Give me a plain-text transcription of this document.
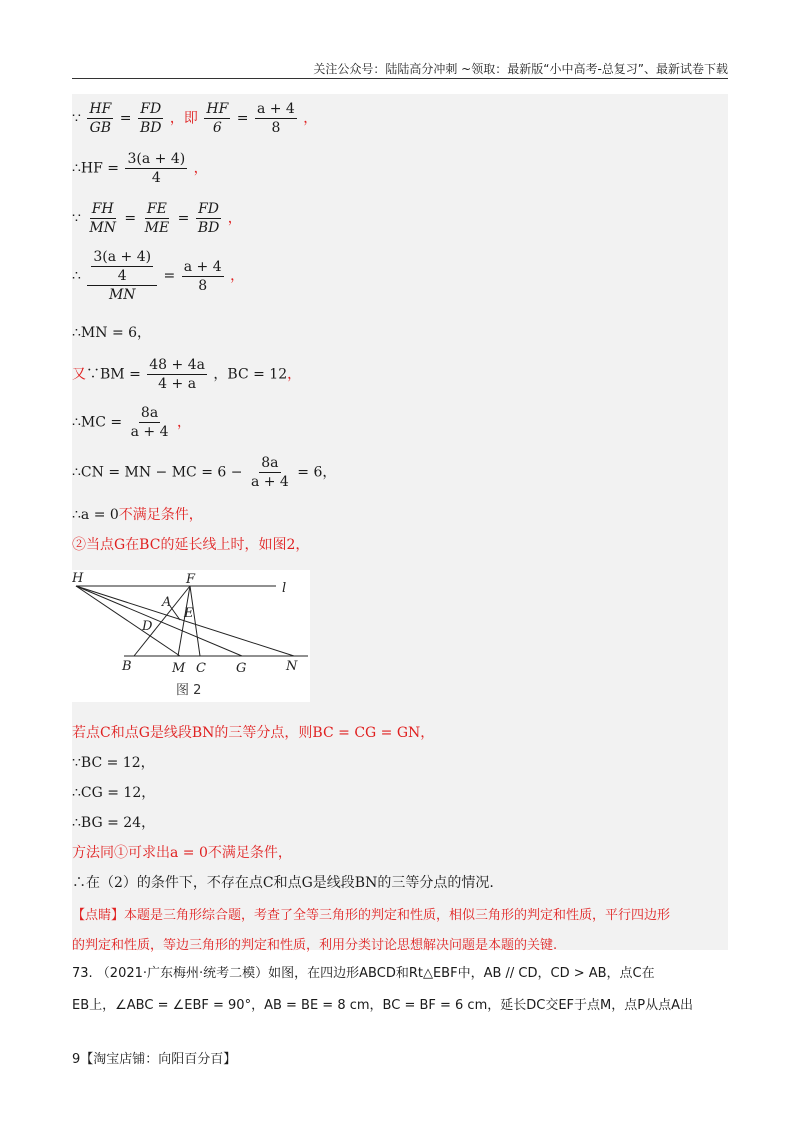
关注公众号：陆陆高分冲刺 ~领取：最新版“小中高考-总复习”、最新试卷下载
∵ $\frac{HF}{GB} = \frac{FD}{BD}$ ，即 $\frac{HF}{6} = \frac{a + 4}{8}$ ，
∴HF = $\frac{3(a + 4)}{4}$ ，
∵ $\frac{FH}{MN} = \frac{FE}{ME} = \frac{FD}{BD}$ ，
∴ $\frac{\frac{3(a + 4)}{4}}{MN} = \frac{a + 4}{8}$ ，
∴MN = 6，
又∵BM = $\frac{48 + 4a}{4 + a}$ ，BC = 12，
∴MC = $\frac{8a}{a + 4}$ ，
∴CN = MN − MC = $6 - \frac{8a}{a + 4} = 6$，
∴a = 0不满足条件，
②当点G在BC的延长线上时，如图2，
H	F
l
A
E
D
B	M C G	N
图 2
若点C和点G是线段BN的三等分点，则BC = CG = GN，
∵BC = 12，
∴CG = 12，
∴BG = 24，
方法同①可求出a = 0不满足条件，
∴在（2）的条件下，不存在点C和点G是线段BN的三等分点的情况.
【点睛】本题是三角形综合题，考查了全等三角形的判定和性质，相似三角形的判定和性质，平行四边形
的判定和性质，等边三角形的判定和性质，利用分类讨论思想解决问题是本题的关键.
73. （2021·广东梅州·统考二模）如图，在四边形ABCD和Rt△EBF中，AB // CD，CD > AB，点C在
EB上，∠ABC = ∠EBF = 90°，AB = BE = 8 cm，BC = BF = 6 cm，延长DC交EF于点M，点P从点A出
9【淘宝店铺：向阳百分百】
